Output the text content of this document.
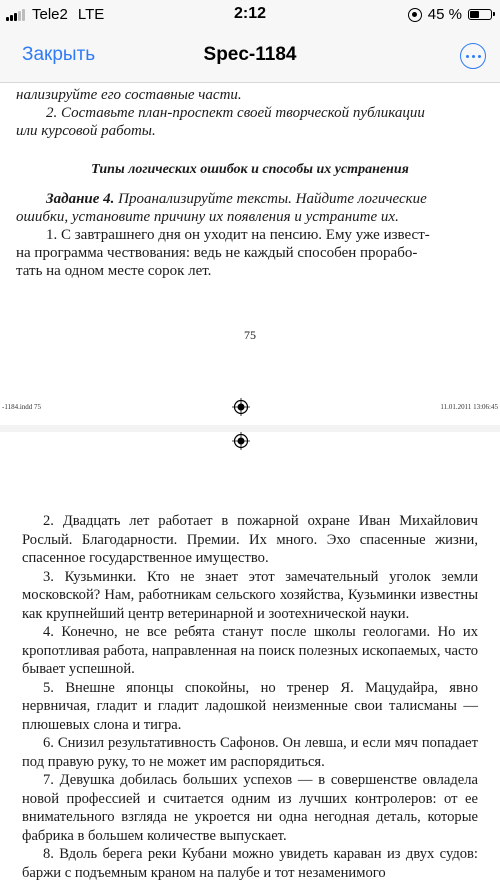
Tele2 LTE	2:12	45 %
Закрыть	Spec-1184

нализируйте его составные части.

2. Составьте план-проспект своей творческой публикации

или курсовой работы.

Типы логических ошибок и способы их устранения

Задание 4. Проанализируйте тексты. Найдите логические

ошибки, установите причину их появления и устраните их.

1. С завтрашнего дня он уходит на пенсию. Ему уже извест-

на программа чествования: ведь не каждый способен прорабо-

тать на одном месте сорок лет.

75
-1184.indd 75	11.01.2011 13:06:45

2. Двадцать лет работает в пожарной охране Иван Михайлович Рослый. Благодарности. Премии. Их много. Эхо спасенные жизни, спасенное государственное имущество.

3. Кузьминки. Кто не знает этот замечательный уголок земли московской? Нам, работникам сельского хозяйства, Кузьминки известны как крупнейший центр ветеринарной и зоотехнической науки.

4. Конечно, не все ребята станут после школы геологами. Но их кропотливая работа, направленная на поиск полезных ископаемых, часто бывает успешной.

5. Внешне японцы спокойны, но тренер Я. Мацудайра, явно нервничая, гладит и гладит ладошкой неизменные свои талисманы — плюшевых слона и тигра.

6. Снизил результативность Сафонов. Он левша, и если мяч попадает под правую руку, то не может им распорядиться.

7. Девушка добилась больших успехов — в совершенстве овладела новой профессией и считается одним из лучших контролеров: от ее внимательного взгляда не укроется ни одна негодная деталь, которые фабрика в большем количестве выпускает.

8. Вдоль берега реки Кубани можно увидеть караван из двух судов: баржи с подъемным краном на палубе и тот незаменимого
